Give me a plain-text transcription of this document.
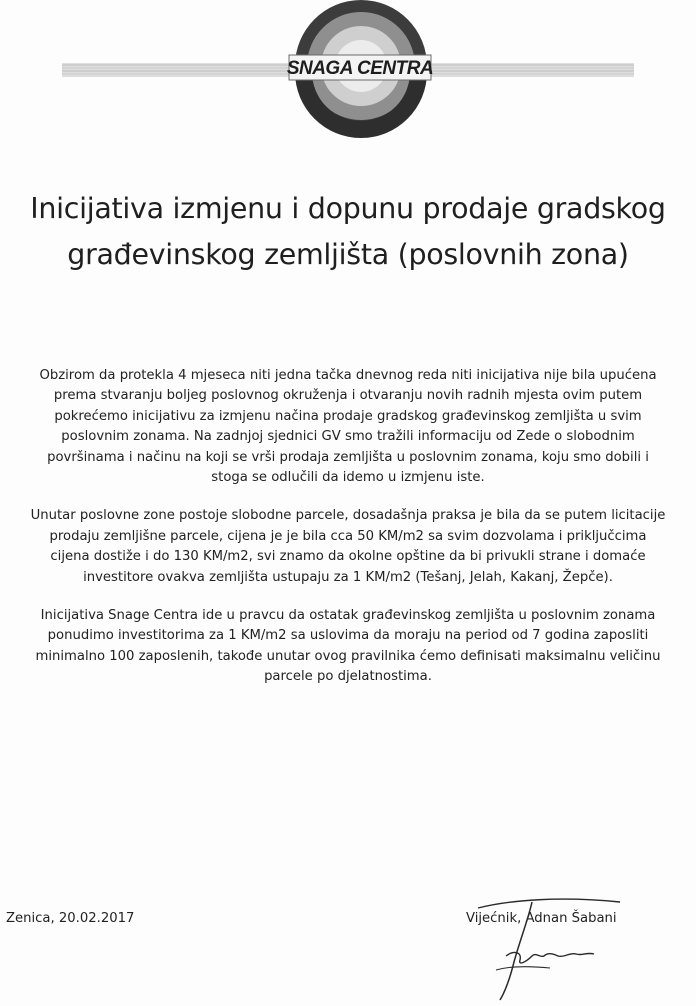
SNAGA CENTRA
Inicijativa izmjenu i dopunu prodaje gradskog
građevinskog zemljišta (poslovnih zona)

Obzirom da protekla 4 mjeseca niti jedna tačka dnevnog reda niti inicijativa nije bila upućena prema stvaranju boljeg poslovnog okruženja i otvaranju novih radnih mjesta ovim putem pokrećemo inicijativu za izmjenu načina prodaje gradskog građevinskog zemljišta u svim poslovnim zonama. Na zadnjoj sjednici GV smo tražili informaciju od Zede o slobodnim površinama i načinu na koji se vrši prodaja zemljišta u poslovnim zonama, koju smo dobili i stoga se odlučili da idemo u izmjenu iste.

Unutar poslovne zone postoje slobodne parcele, dosadašnja praksa je bila da se putem licitacije prodaju zemljišne parcele, cijena je je bila cca 50 KM/m2 sa svim dozvolama i priključcima cijena dostiže i do 130 KM/m2, svi znamo da okolne opštine da bi privukli strane i domaće investitore ovakva zemljišta ustupaju za 1 KM/m2 (Tešanj, Jelah, Kakanj, Žepče).

Inicijativa Snage Centra ide u pravcu da ostatak građevinskog zemljišta u poslovnim zonama ponudimo investitorima za 1 KM/m2 sa uslovima da moraju na period od 7 godina zaposliti minimalno 100 zaposlenih, takođe unutar ovog pravilnika ćemo definisati maksimalnu veličinu parcele po djelatnostima.

Zenica, 20.02.2017	Vijećnik, Adnan Šabani
